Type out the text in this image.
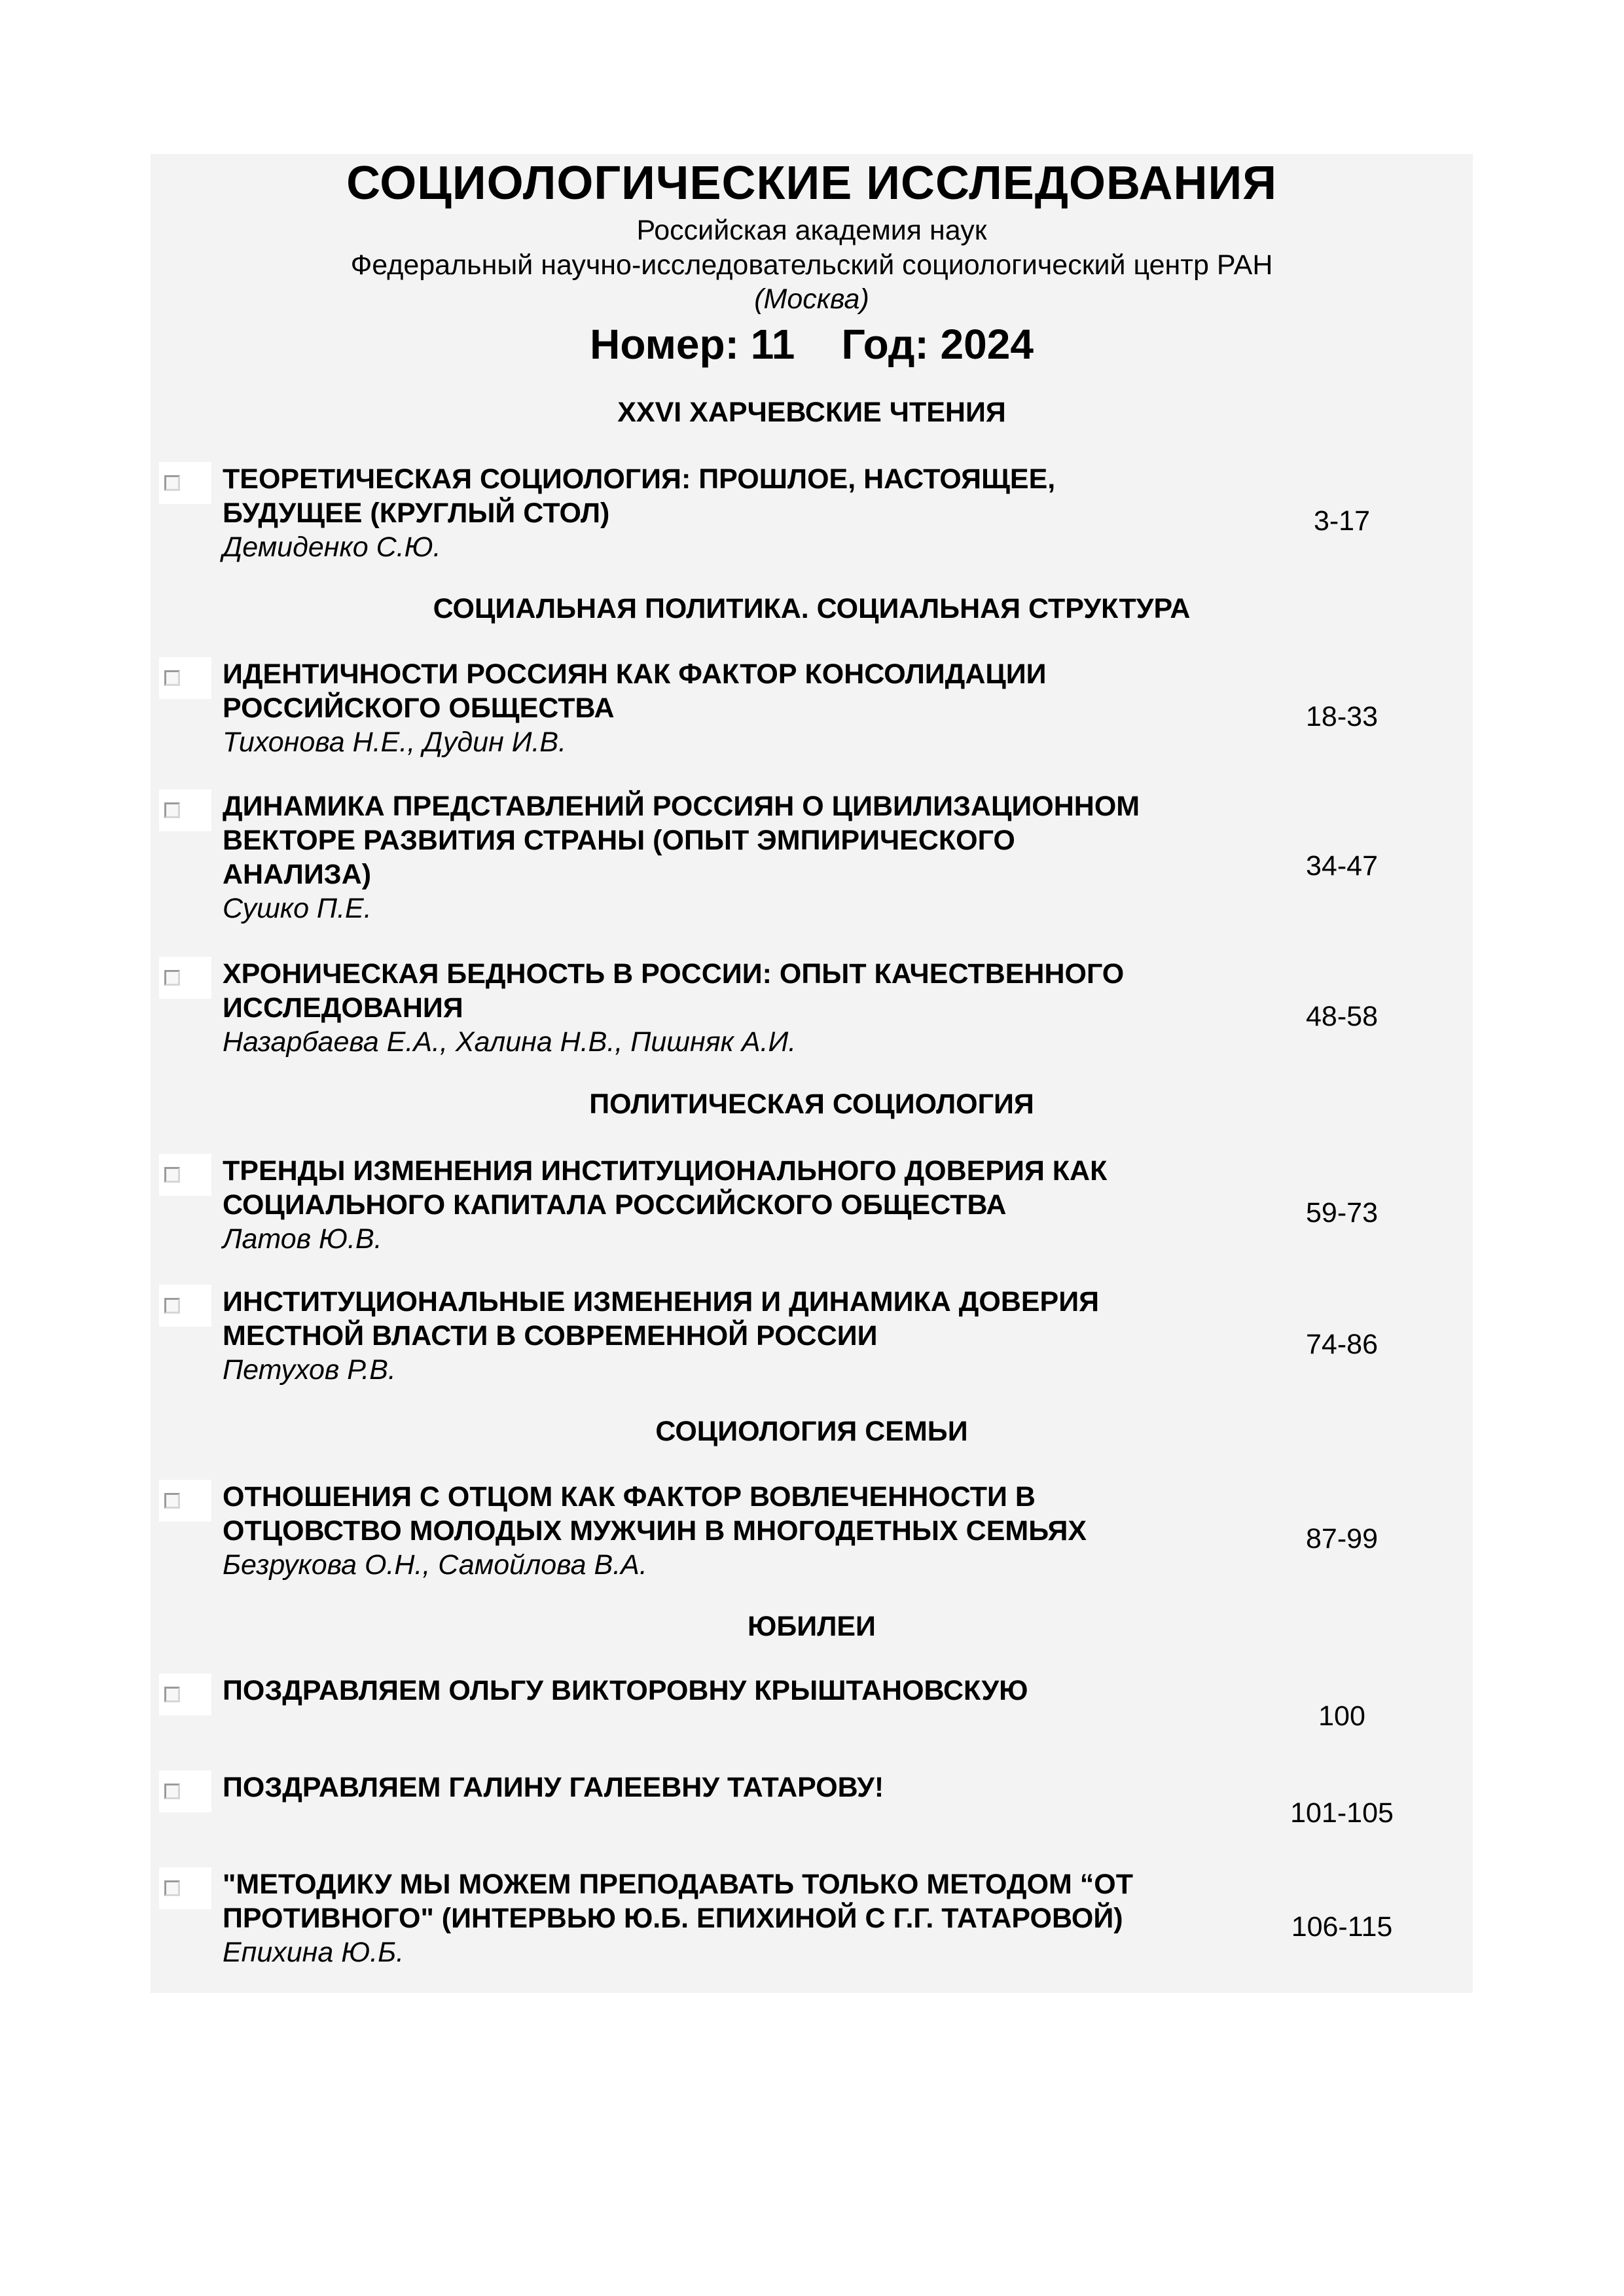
СОЦИОЛОГИЧЕСКИЕ ИССЛЕДОВАНИЯ
Российская академия наук
Федеральный научно-исследовательский социологический центр РАН
(Москва)
Номер: 11 Год: 2024
XXVI ХАРЧЕВСКИЕ ЧТЕНИЯ
ТЕОРЕТИЧЕСКАЯ СОЦИОЛОГИЯ: ПРОШЛОЕ, НАСТОЯЩЕЕ,
БУДУЩЕЕ (КРУГЛЫЙ СТОЛ)
Демиденко С.Ю.
3-17
СОЦИАЛЬНАЯ ПОЛИТИКА. СОЦИАЛЬНАЯ СТРУКТУРА
ИДЕНТИЧНОСТИ РОССИЯН КАК ФАКТОР КОНСОЛИДАЦИИ
РОССИЙСКОГО ОБЩЕСТВА
Тихонова Н.Е., Дудин И.В.
18-33
ДИНАМИКА ПРЕДСТАВЛЕНИЙ РОССИЯН О ЦИВИЛИЗАЦИОННОМ
ВЕКТОРЕ РАЗВИТИЯ СТРАНЫ (ОПЫТ ЭМПИРИЧЕСКОГО
АНАЛИЗА)
Сушко П.Е.
34-47
ХРОНИЧЕСКАЯ БЕДНОСТЬ В РОССИИ: ОПЫТ КАЧЕСТВЕННОГО
ИССЛЕДОВАНИЯ
Назарбаева Е.А., Халина Н.В., Пишняк А.И.
48-58
ПОЛИТИЧЕСКАЯ СОЦИОЛОГИЯ
ТРЕНДЫ ИЗМЕНЕНИЯ ИНСТИТУЦИОНАЛЬНОГО ДОВЕРИЯ КАК
СОЦИАЛЬНОГО КАПИТАЛА РОССИЙСКОГО ОБЩЕСТВА
Латов Ю.В.
59-73
ИНСТИТУЦИОНАЛЬНЫЕ ИЗМЕНЕНИЯ И ДИНАМИКА ДОВЕРИЯ
МЕСТНОЙ ВЛАСТИ В СОВРЕМЕННОЙ РОССИИ
Петухов Р.В.
74-86
СОЦИОЛОГИЯ СЕМЬИ
ОТНОШЕНИЯ С ОТЦОМ КАК ФАКТОР ВОВЛЕЧЕННОСТИ В
ОТЦОВСТВО МОЛОДЫХ МУЖЧИН В МНОГОДЕТНЫХ СЕМЬЯХ
Безрукова О.Н., Самойлова В.А.
87-99
ЮБИЛЕИ
ПОЗДРАВЛЯЕМ ОЛЬГУ ВИКТОРОВНУ КРЫШТАНОВСКУЮ
100
ПОЗДРАВЛЯЕМ ГАЛИНУ ГАЛЕЕВНУ ТАТАРОВУ!
101-105
"МЕТОДИКУ МЫ МОЖЕМ ПРЕПОДАВАТЬ ТОЛЬКО МЕТОДОМ “ОТ
ПРОТИВНОГО" (ИНТЕРВЬЮ Ю.Б. ЕПИХИНОЙ С Г.Г. ТАТАРОВОЙ)
Епихина Ю.Б.
106-115
